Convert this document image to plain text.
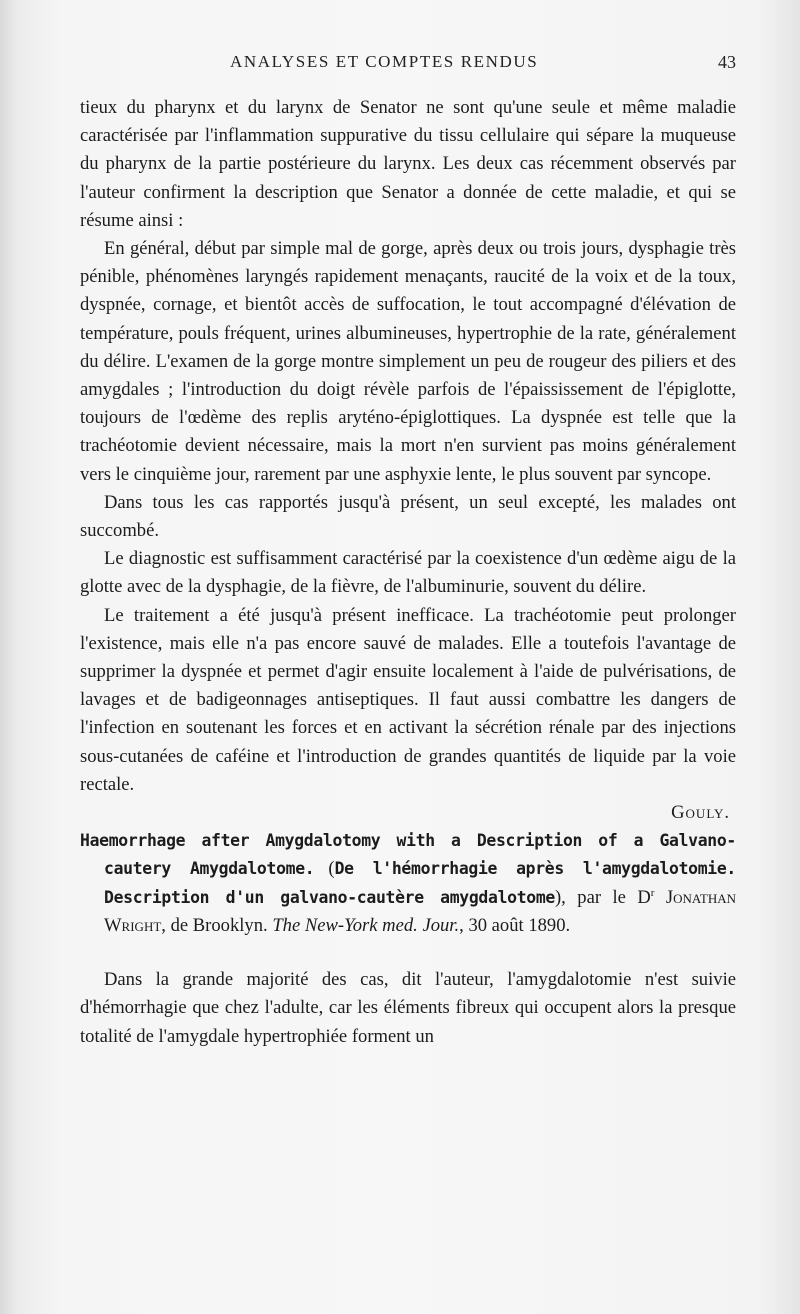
ANALYSES ET COMPTES RENDUS	43

tieux du pharynx et du larynx de Senator ne sont qu'une seule et même maladie caractérisée par l'inflammation suppurative du tissu cellulaire qui sépare la muqueuse du pharynx de la partie postérieure du larynx. Les deux cas récemment observés par l'auteur confirment la description que Senator a donnée de cette maladie, et qui se résume ainsi :

En général, début par simple mal de gorge, après deux ou trois jours, dysphagie très pénible, phénomènes laryngés rapidement menaçants, raucité de la voix et de la toux, dyspnée, cornage, et bientôt accès de suffocation, le tout accompagné d'élévation de température, pouls fréquent, urines albumineuses, hypertrophie de la rate, généralement du délire. L'examen de la gorge montre simplement un peu de rougeur des piliers et des amygdales ; l'introduction du doigt révèle parfois de l'épaississement de l'épiglotte, toujours de l'œdème des replis aryténo-épiglottiques. La dyspnée est telle que la trachéotomie devient nécessaire, mais la mort n'en survient pas moins généralement vers le cinquième jour, rarement par une asphyxie lente, le plus souvent par syncope.

Dans tous les cas rapportés jusqu'à présent, un seul excepté, les malades ont succombé.

Le diagnostic est suffisamment caractérisé par la coexistence d'un œdème aigu de la glotte avec de la dysphagie, de la fièvre, de l'albuminurie, souvent du délire.

Le traitement a été jusqu'à présent inefficace. La trachéotomie peut prolonger l'existence, mais elle n'a pas encore sauvé de malades. Elle a toutefois l'avantage de supprimer la dyspnée et permet d'agir ensuite localement à l'aide de pulvérisations, de lavages et de badigeonnages antiseptiques. Il faut aussi combattre les dangers de l'infection en soutenant les forces et en activant la sécrétion rénale par des injections sous-cutanées de caféine et l'introduction de grandes quantités de liquide par la voie rectale.

Gouly.

Haemorrhage after Amygdalotomy with a Description of a Galvano-cautery Amygdalotome. (De l'hémorrhagie après l'amygdalotomie. Description d'un galvano-cautère amygdalotome), par le $D^r$ Jonathan Wright, de Brooklyn. The New-York med. Jour., 30 août 1890.

Dans la grande majorité des cas, dit l'auteur, l'amygdalotomie n'est suivie d'hémorrhagie que chez l'adulte, car les éléments fibreux qui occupent alors la presque totalité de l'amygdale hypertrophiée forment un
